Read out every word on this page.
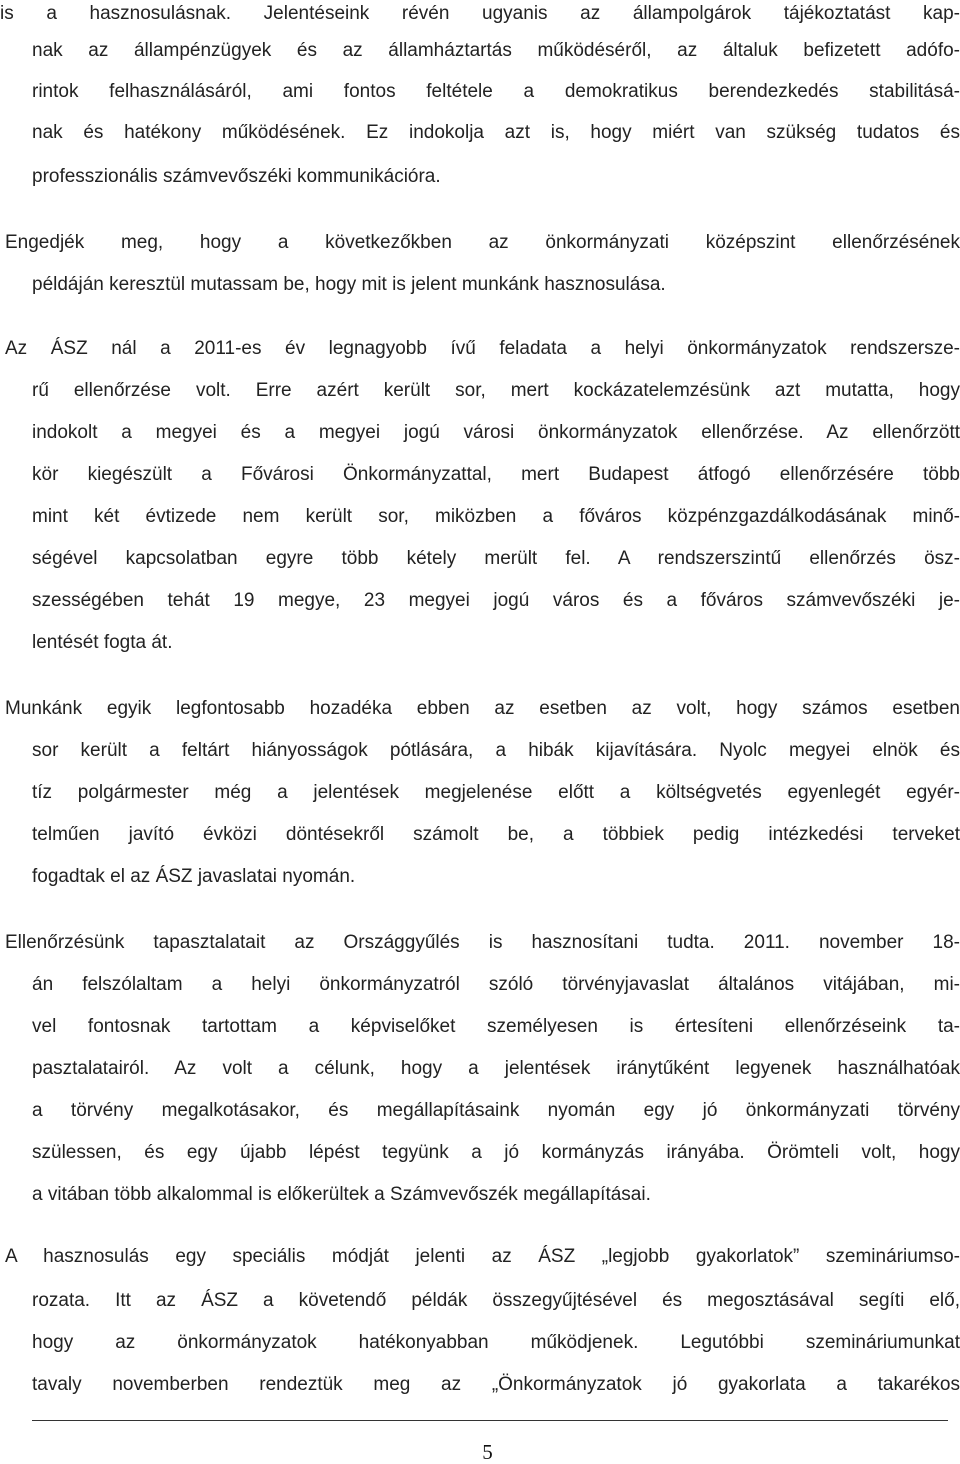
is a hasznosulásnak. Jelentéseink révén ugyanis az állampolgárok tájékoztatást kap-
nak az állampénzügyek és az államháztartás működéséről, az általuk befizetett adófo-
rintok felhasználásáról, ami fontos feltétele a demokratikus berendezkedés stabilitásá-
nak és hatékony működésének. Ez indokolja azt is, hogy miért van szükség tudatos és
professzionális számvevőszéki kommunikációra.
Engedjék meg, hogy a következőkben az önkormányzati középszint ellenőrzésének
példáján keresztül mutassam be, hogy mit is jelent munkánk hasznosulása.
Az ÁSZ nál a 2011-es év legnagyobb ívű feladata a helyi önkormányzatok rendszersze-
rű ellenőrzése volt. Erre azért került sor, mert kockázatelemzésünk azt mutatta, hogy
indokolt a megyei és a megyei jogú városi önkormányzatok ellenőrzése. Az ellenőrzött
kör kiegészült a Fővárosi Önkormányzattal, mert Budapest átfogó ellenőrzésére több
mint két évtizede nem került sor, miközben a főváros közpénzgazdálkodásának minő-
ségével kapcsolatban egyre több kétely merült fel. A rendszerszintű ellenőrzés ösz-
szességében tehát 19 megye, 23 megyei jogú város és a főváros számvevőszéki je-
lentését fogta át.
Munkánk egyik legfontosabb hozadéka ebben az esetben az volt, hogy számos esetben
sor került a feltárt hiányosságok pótlására, a hibák kijavítására. Nyolc megyei elnök és
tíz polgármester még a jelentések megjelenése előtt a költségvetés egyenlegét egyér-
telműen javító évközi döntésekről számolt be, a többiek pedig intézkedési terveket
fogadtak el az ÁSZ javaslatai nyomán.
Ellenőrzésünk tapasztalatait az Országgyűlés is hasznosítani tudta. 2011. november 18-
án felszólaltam a helyi önkormányzatról szóló törvényjavaslat általános vitájában, mi-
vel fontosnak tartottam a képviselőket személyesen is értesíteni ellenőrzéseink ta-
pasztalatairól. Az volt a célunk, hogy a jelentések iránytűként legyenek használhatóak
a törvény megalkotásakor, és megállapításaink nyomán egy jó önkormányzati törvény
szülessen, és egy újabb lépést tegyünk a jó kormányzás irányába. Örömteli volt, hogy
a vitában több alkalommal is előkerültek a Számvevőszék megállapításai.
A hasznosulás egy speciális módját jelenti az ÁSZ „legjobb gyakorlatok” szemináriumso-
rozata. Itt az ÁSZ a követendő példák összegyűjtésével és megosztásával segíti elő,
hogy az önkormányzatok hatékonyabban működjenek. Legutóbbi szemináriumunkat
tavaly novemberben rendeztük meg az „Önkormányzatok jó gyakorlata a takarékos
5
